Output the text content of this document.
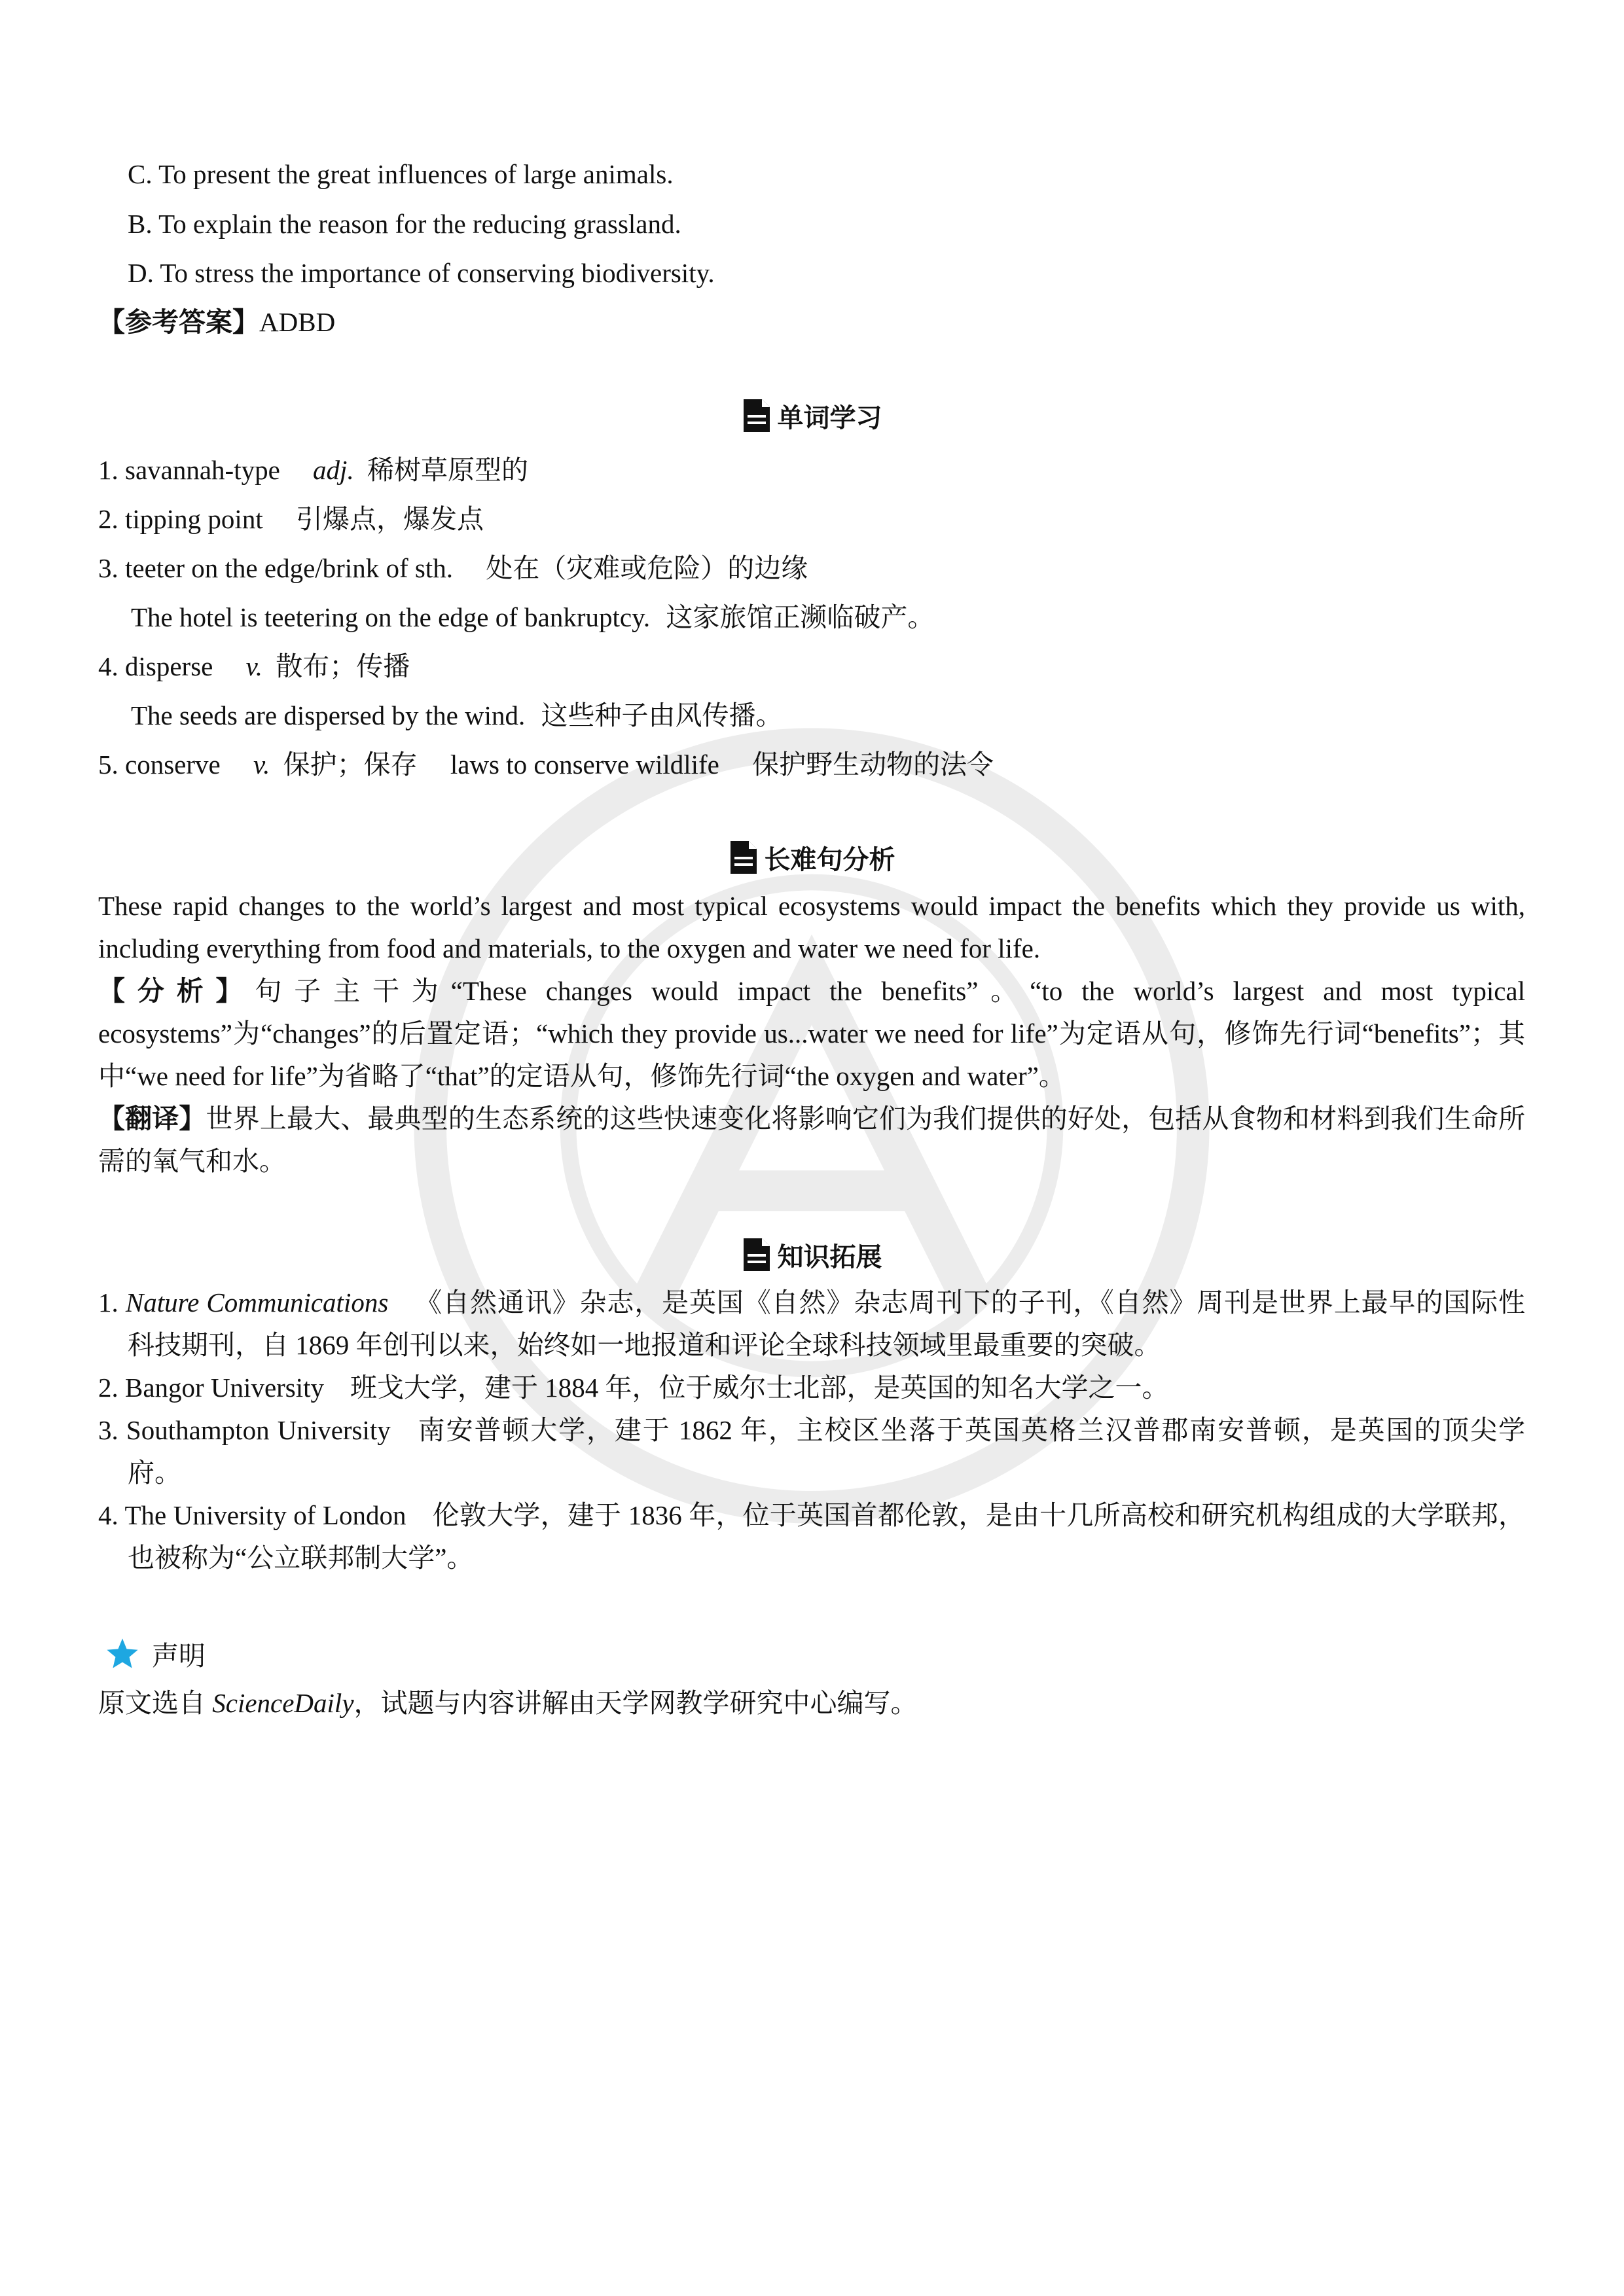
C. To present the great influences of large animals.
B. To explain the reason for the reducing grassland.
D. To stress the importance of conserving biodiversity.
【参考答案】ADBD
单词学习
1. savannah-type adj. 稀树草原型的
2. tipping point 引爆点，爆发点
3. teeter on the edge/brink of sth. 处在（灾难或危险）的边缘
The hotel is teetering on the edge of bankruptcy. 这家旅馆正濒临破产。
4. disperse v. 散布；传播
The seeds are dispersed by the wind. 这些种子由风传播。
5. conserve v. 保护；保存 laws to conserve wildlife 保护野生动物的法令
长难句分析
These rapid changes to the world’s largest and most typical ecosystems would impact the benefits which they provide us with, including everything from food and materials, to the oxygen and water we need for life.
【分析】句子主干为“These changes would impact the benefits”。“to the world’s largest and most typical ecosystems”为“changes”的后置定语；“which they provide us...water we need for life”为定语从句，修饰先行词“benefits”；其中“we need for life”为省略了“that”的定语从句，修饰先行词“the oxygen and water”。
【翻译】世界上最大、最典型的生态系统的这些快速变化将影响它们为我们提供的好处，包括从食物和材料到我们生命所需的氧气和水。
知识拓展
1. Nature Communications 《自然通讯》杂志，是英国《自然》杂志周刊下的子刊，《自然》周刊是世界上最早的国际性科技期刊，自 1869 年创刊以来，始终如一地报道和评论全球科技领域里最重要的突破。
2. Bangor University 班戈大学，建于 1884 年，位于威尔士北部，是英国的知名大学之一。
3. Southampton University 南安普顿大学，建于 1862 年，主校区坐落于英国英格兰汉普郡南安普顿，是英国的顶尖学府。
4. The University of London 伦敦大学，建于 1836 年，位于英国首都伦敦，是由十几所高校和研究机构组成的大学联邦，也被称为“公立联邦制大学”。
声明
原文选自 ScienceDaily，试题与内容讲解由天学网教学研究中心编写。
